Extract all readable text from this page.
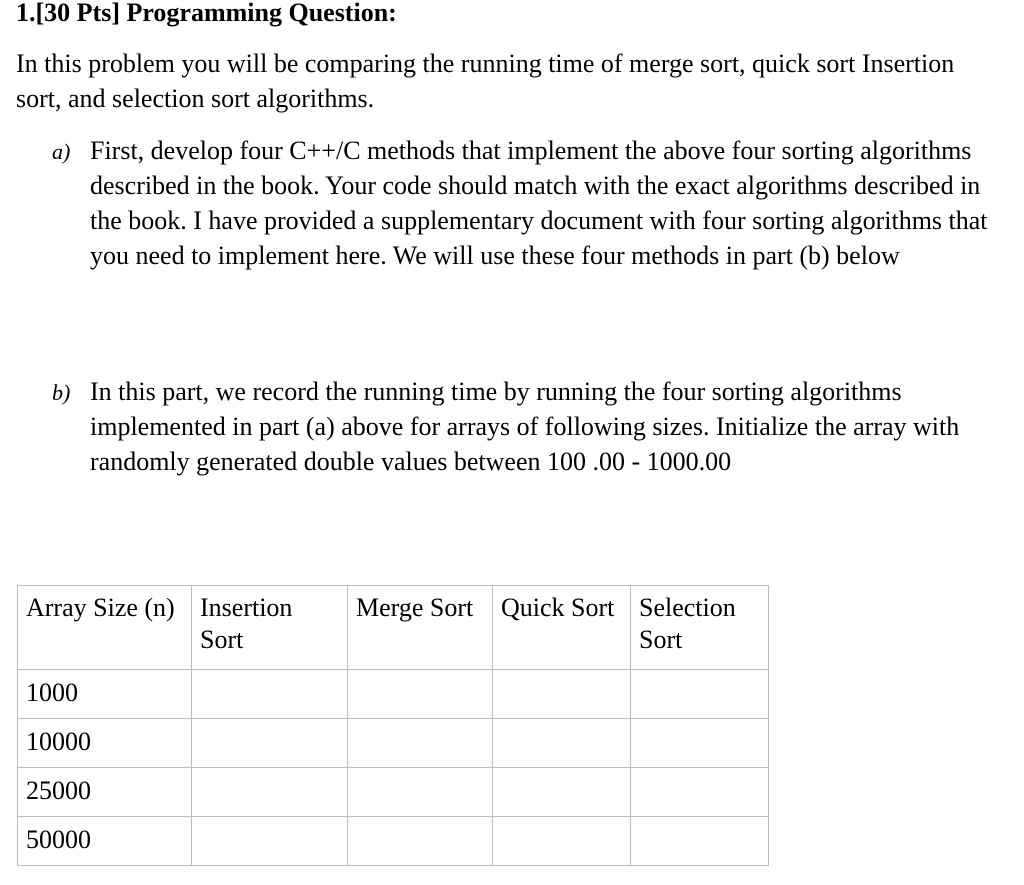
1.[30 Pts] Programming Question:
In this problem you will be comparing the running time of merge sort, quick sort Insertion sort, and selection sort algorithms.
a) First, develop four C++/C methods that implement the above four sorting algorithms described in the book. Your code should match with the exact algorithms described in the book. I have provided a supplementary document with four sorting algorithms that you need to implement here. We will use these four methods in part (b) below
b) In this part, we record the running time by running the four sorting algorithms implemented in part (a) above for arrays of following sizes. Initialize the array with randomly generated double values between 100 .00 - 1000.00
Array Size (n)	Insertion Sort	Merge Sort	Quick Sort	Selection Sort
1000				
10000				
25000				
50000				
